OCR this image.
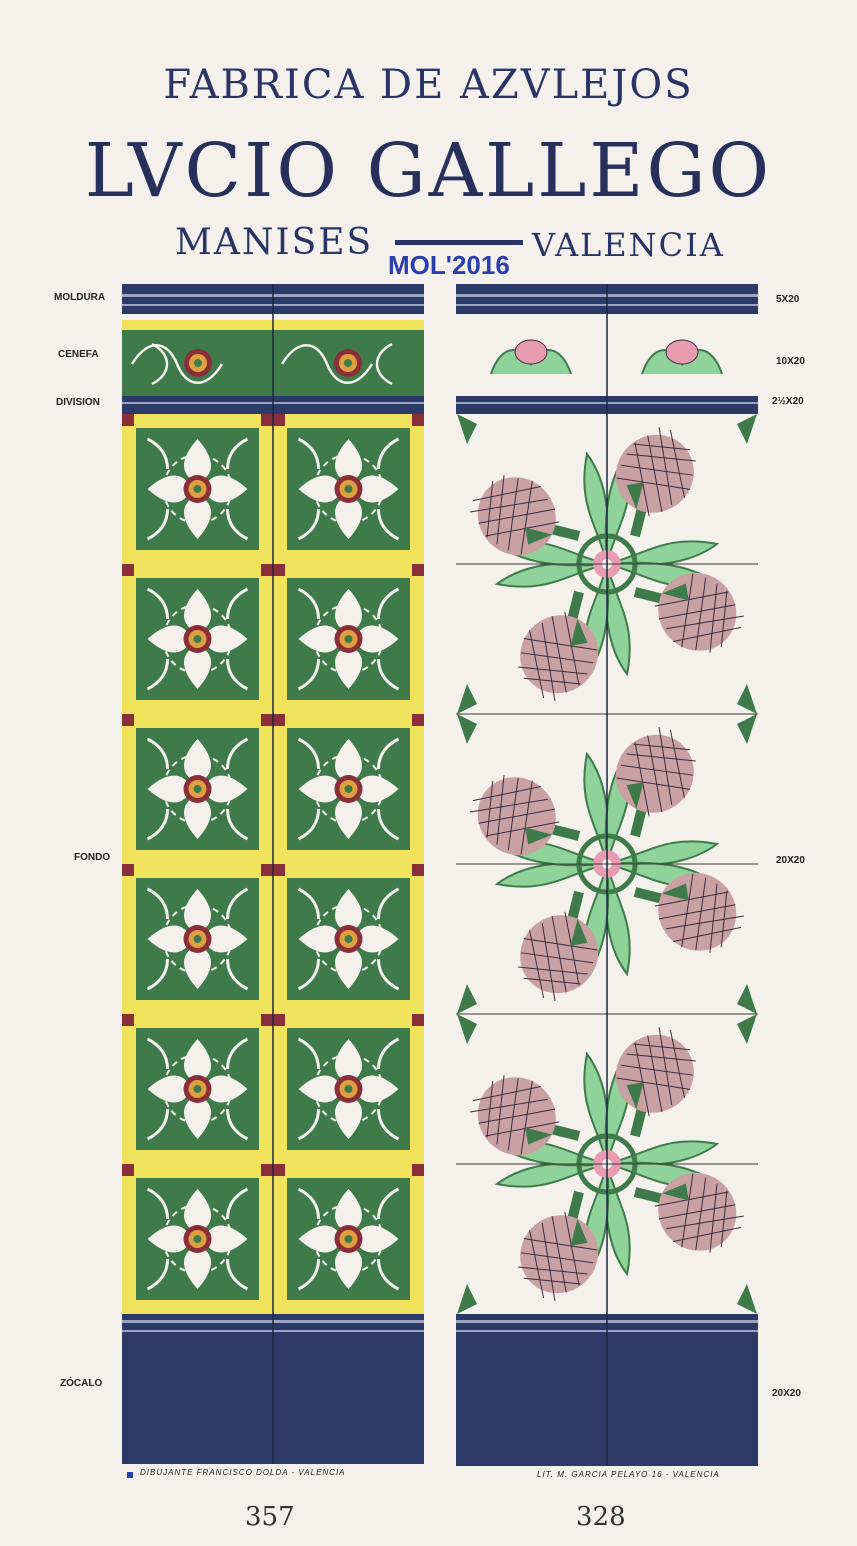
FABRICA DE AZVLEJOS
LVCIO GALLEGO
MANISES	VALENCIA
MOL'2016
MOLDURA
CENEFA
DIVISION
FONDO
ZÓCALO
5X20
10X20
2½X20
20X20
20X20
DIBUJANTE FRANCISCO DOLDA - VALENCIA	LIT. M. GARCIA PELAYO 16 - VALENCIA
357	328
